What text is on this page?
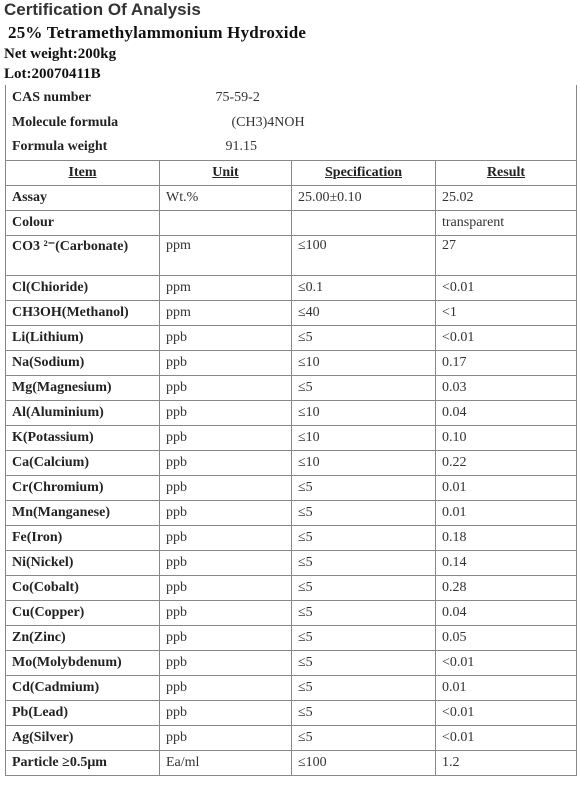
Certification Of Analysis
25% Tetramethylammonium Hydroxide
Net weight:200kg
Lot:20070411B
CAS number	75-59-2		
Molecule formula	(CH3)4NOH		
Formula weight	91.15		
Item	Unit	Specification	Result
Assay	Wt.%	25.00±0.10	25.02
Colour			transparent
CO3 ²⁻(Carbonate)	ppm	≤100	27
Cl(Chioride)	ppm	≤0.1	<0.01
CH3OH(Methanol)	ppm	≤40	<1
Li(Lithium)	ppb	≤5	<0.01
Na(Sodium)	ppb	≤10	0.17
Mg(Magnesium)	ppb	≤5	0.03
Al(Aluminium)	ppb	≤10	0.04
K(Potassium)	ppb	≤10	0.10
Ca(Calcium)	ppb	≤10	0.22
Cr(Chromium)	ppb	≤5	0.01
Mn(Manganese)	ppb	≤5	0.01
Fe(Iron)	ppb	≤5	0.18
Ni(Nickel)	ppb	≤5	0.14
Co(Cobalt)	ppb	≤5	0.28
Cu(Copper)	ppb	≤5	0.04
Zn(Zinc)	ppb	≤5	0.05
Mo(Molybdenum)	ppb	≤5	<0.01
Cd(Cadmium)	ppb	≤5	0.01
Pb(Lead)	ppb	≤5	<0.01
Ag(Silver)	ppb	≤5	<0.01
Particle ≥0.5μm	Ea/ml	≤100	1.2
